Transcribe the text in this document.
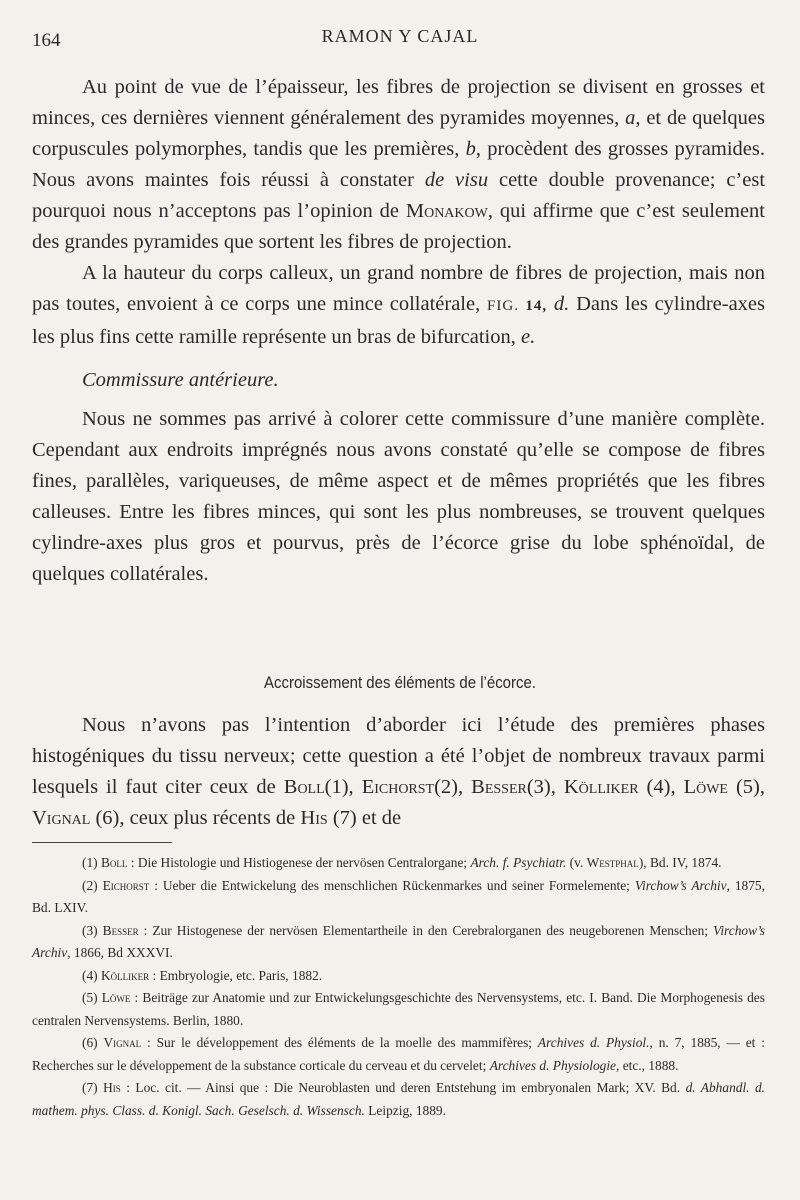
164	RAMON Y CAJAL

Au point de vue de l’épaisseur, les fibres de projection se divisent en grosses et minces, ces dernières viennent généralement des pyramides moyennes, a, et de quelques corpuscules polymorphes, tandis que les premières, b, procèdent des grosses pyramides. Nous avons maintes fois réussi à constater de visu cette double provenance; c’est pourquoi nous n’acceptons pas l’opinion de Monakow, qui affirme que c’est seulement des grandes pyramides que sortent les fibres de projection.

A la hauteur du corps calleux, un grand nombre de fibres de projection, mais non pas toutes, envoient à ce corps une mince collatérale, FIG. 14, d. Dans les cylindre-axes les plus fins cette ramille représente un bras de bifurcation, e.

Commissure antérieure.

Nous ne sommes pas arrivé à colorer cette commissure d’une manière complète. Cependant aux endroits imprégnés nous avons constaté qu’elle se compose de fibres fines, parallèles, variqueuses, de même aspect et de mêmes propriétés que les fibres calleuses. Entre les fibres minces, qui sont les plus nombreuses, se trouvent quelques cylindre-axes plus gros et pourvus, près de l’écorce grise du lobe sphénoïdal, de quelques collatérales.

Accroissement des éléments de l’écorce.

Nous n’avons pas l’intention d’aborder ici l’étude des premières phases histogéniques du tissu nerveux; cette question a été l’objet de nombreux travaux parmi lesquels il faut citer ceux de Boll(1), Eichorst(2), Besser(3), Kölliker (4), Löwe (5), Vignal (6), ceux plus récents de His (7) et de

(1) Boll : Die Histologie und Histiogenese der nervösen Centralorgane; Arch. f. Psychiatr. (v. Westphal), Bd. IV, 1874.

(2) Eichorst : Ueber die Entwickelung des menschlichen Rückenmarkes und seiner Formelemente; Virchow’s Archiv, 1875, Bd. LXIV.

(3) Besser : Zur Histogenese der nervösen Elementartheile in den Cerebralorganen des neugeborenen Menschen; Virchow’s Archiv, 1866, Bd XXXVI.

(4) Kölliker : Embryologie, etc. Paris, 1882.

(5) Löwe : Beiträge zur Anatomie und zur Entwickelungsgeschichte des Nervensystems, etc. I. Band. Die Morphogenesis des centralen Nervensystems. Berlin, 1880.

(6) Vignal : Sur le développement des éléments de la moelle des mammifères; Archives d. Physiol., n. 7, 1885, — et : Recherches sur le développement de la substance corticale du cerveau et du cervelet; Archives d. Physiologie, etc., 1888.

(7) His : Loc. cit. — Ainsi que : Die Neuroblasten und deren Entstehung im embryonalen Mark; XV. Bd. d. Abhandl. d. mathem. phys. Class. d. Konigl. Sach. Geselsch. d. Wissensch. Leipzig, 1889.
